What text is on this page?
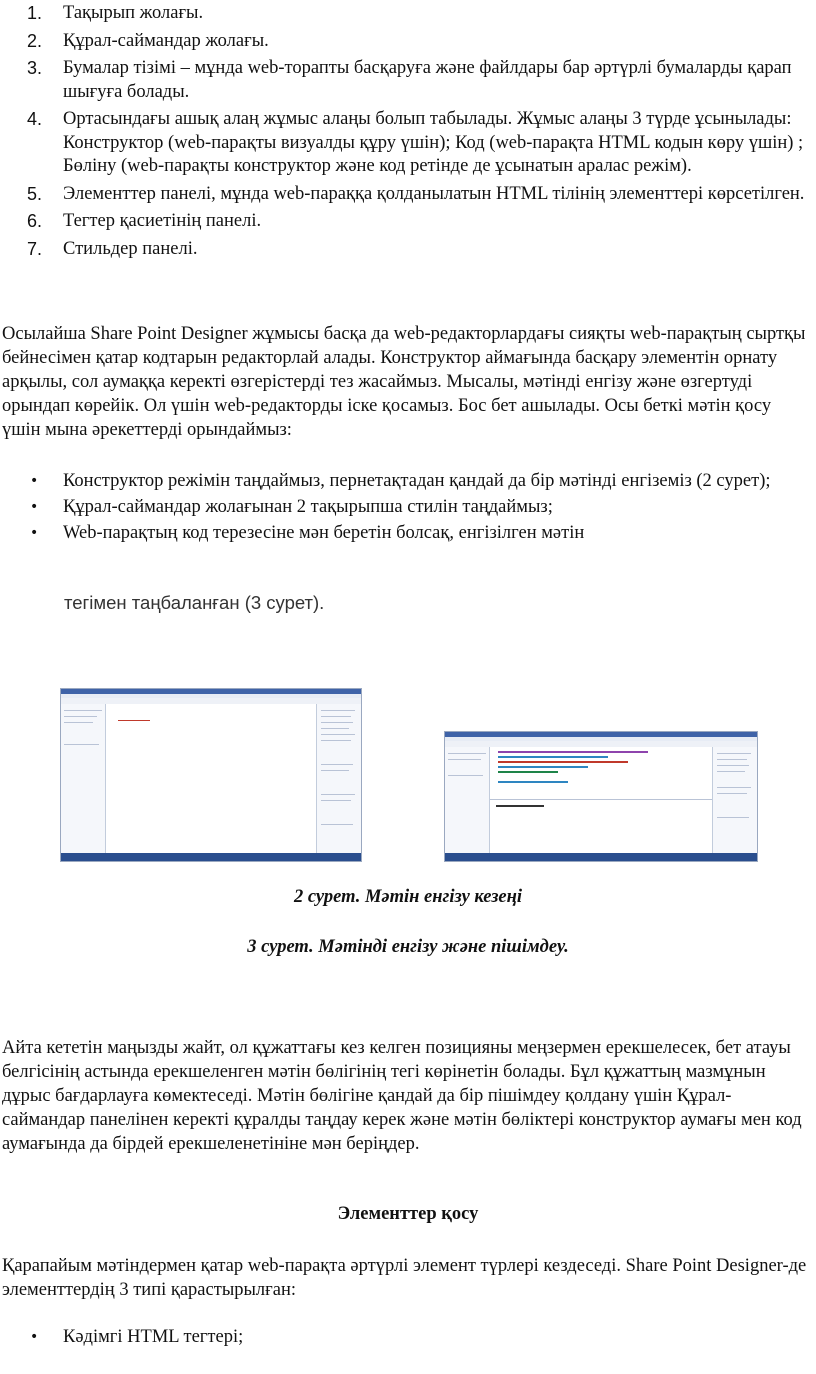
1. Тақырып жолағы.
2. Құрал-саймандар жолағы.
3. Бумалар тізімі – мұнда web-торапты басқаруға және файлдары бар әртүрлі бумаларды қарап шығуға болады.
4. Ортасындағы ашық алаң жұмыс алаңы болып табылады. Жұмыс алаңы 3 түрде ұсынылады: Конструктор (web-парақты визуалды құру үшін); Код (web-парақта HTML кодын көру үшін) ; Бөліну (web-парақты конструктор және код ретінде де ұсынатын аралас режім).
5. Элементтер панелі, мұнда web-параққа қолданылатын HTML тілінің элементтері көрсетілген.
6. Тегтер қасиетінің панелі.
7. Стильдер панелі.

Осылайша Share Point Designer жұмысы басқа да web-редакторлардағы сияқты web-парақтың сыртқы бейнесімен қатар кодтарын редакторлай алады. Конструктор аймағында басқару элементін орнату арқылы, сол аумаққа керекті өзгерістерді тез жасаймыз. Мысалы, мәтінді енгізу және өзгертуді орындап көрейік. Ол үшін web-редакторды іске қосамыз. Бос бет ашылады. Осы беткі мәтін қосу үшін мына әрекеттерді орындаймыз:

• Конструктор режімін таңдаймыз, пернетақтадан қандай да бір мәтінді енгіземіз (2 сурет);
• Құрал-саймандар жолағынан 2 тақырыпша стилін таңдаймыз;
• Web-парақтың код терезесіне мән беретін болсақ, енгізілген мәтін
тегімен таңбаланған (3 сурет).
2 сурет. Мәтін енгізу кезеңі
3 сурет. Мәтінді енгізу және пішімдеу.

Айта кететін маңызды жайт, ол құжаттағы кез келген позицияны меңзермен ерекшелесек, бет атауы белгісінің астында ерекшеленген мәтін бөлігінің тегі көрінетін болады. Бұл құжаттың мазмұнын дұрыс бағдарлауға көмектеседі. Мәтін бөлігіне қандай да бір пішімдеу қолдану үшін Құрал-саймандар панелінен керекті құралды таңдау керек және мәтін бөліктері конструктор аумағы мен код аумағында да бірдей ерекшеленетініне мән беріңдер.

Элементтер қосу

Қарапайым мәтіндермен қатар web-парақта әртүрлі элемент түрлері кездеседі. Share Point Designer-де элементтердің 3 типі қарастырылған:

• Кәдімгі HTML тегтері;
